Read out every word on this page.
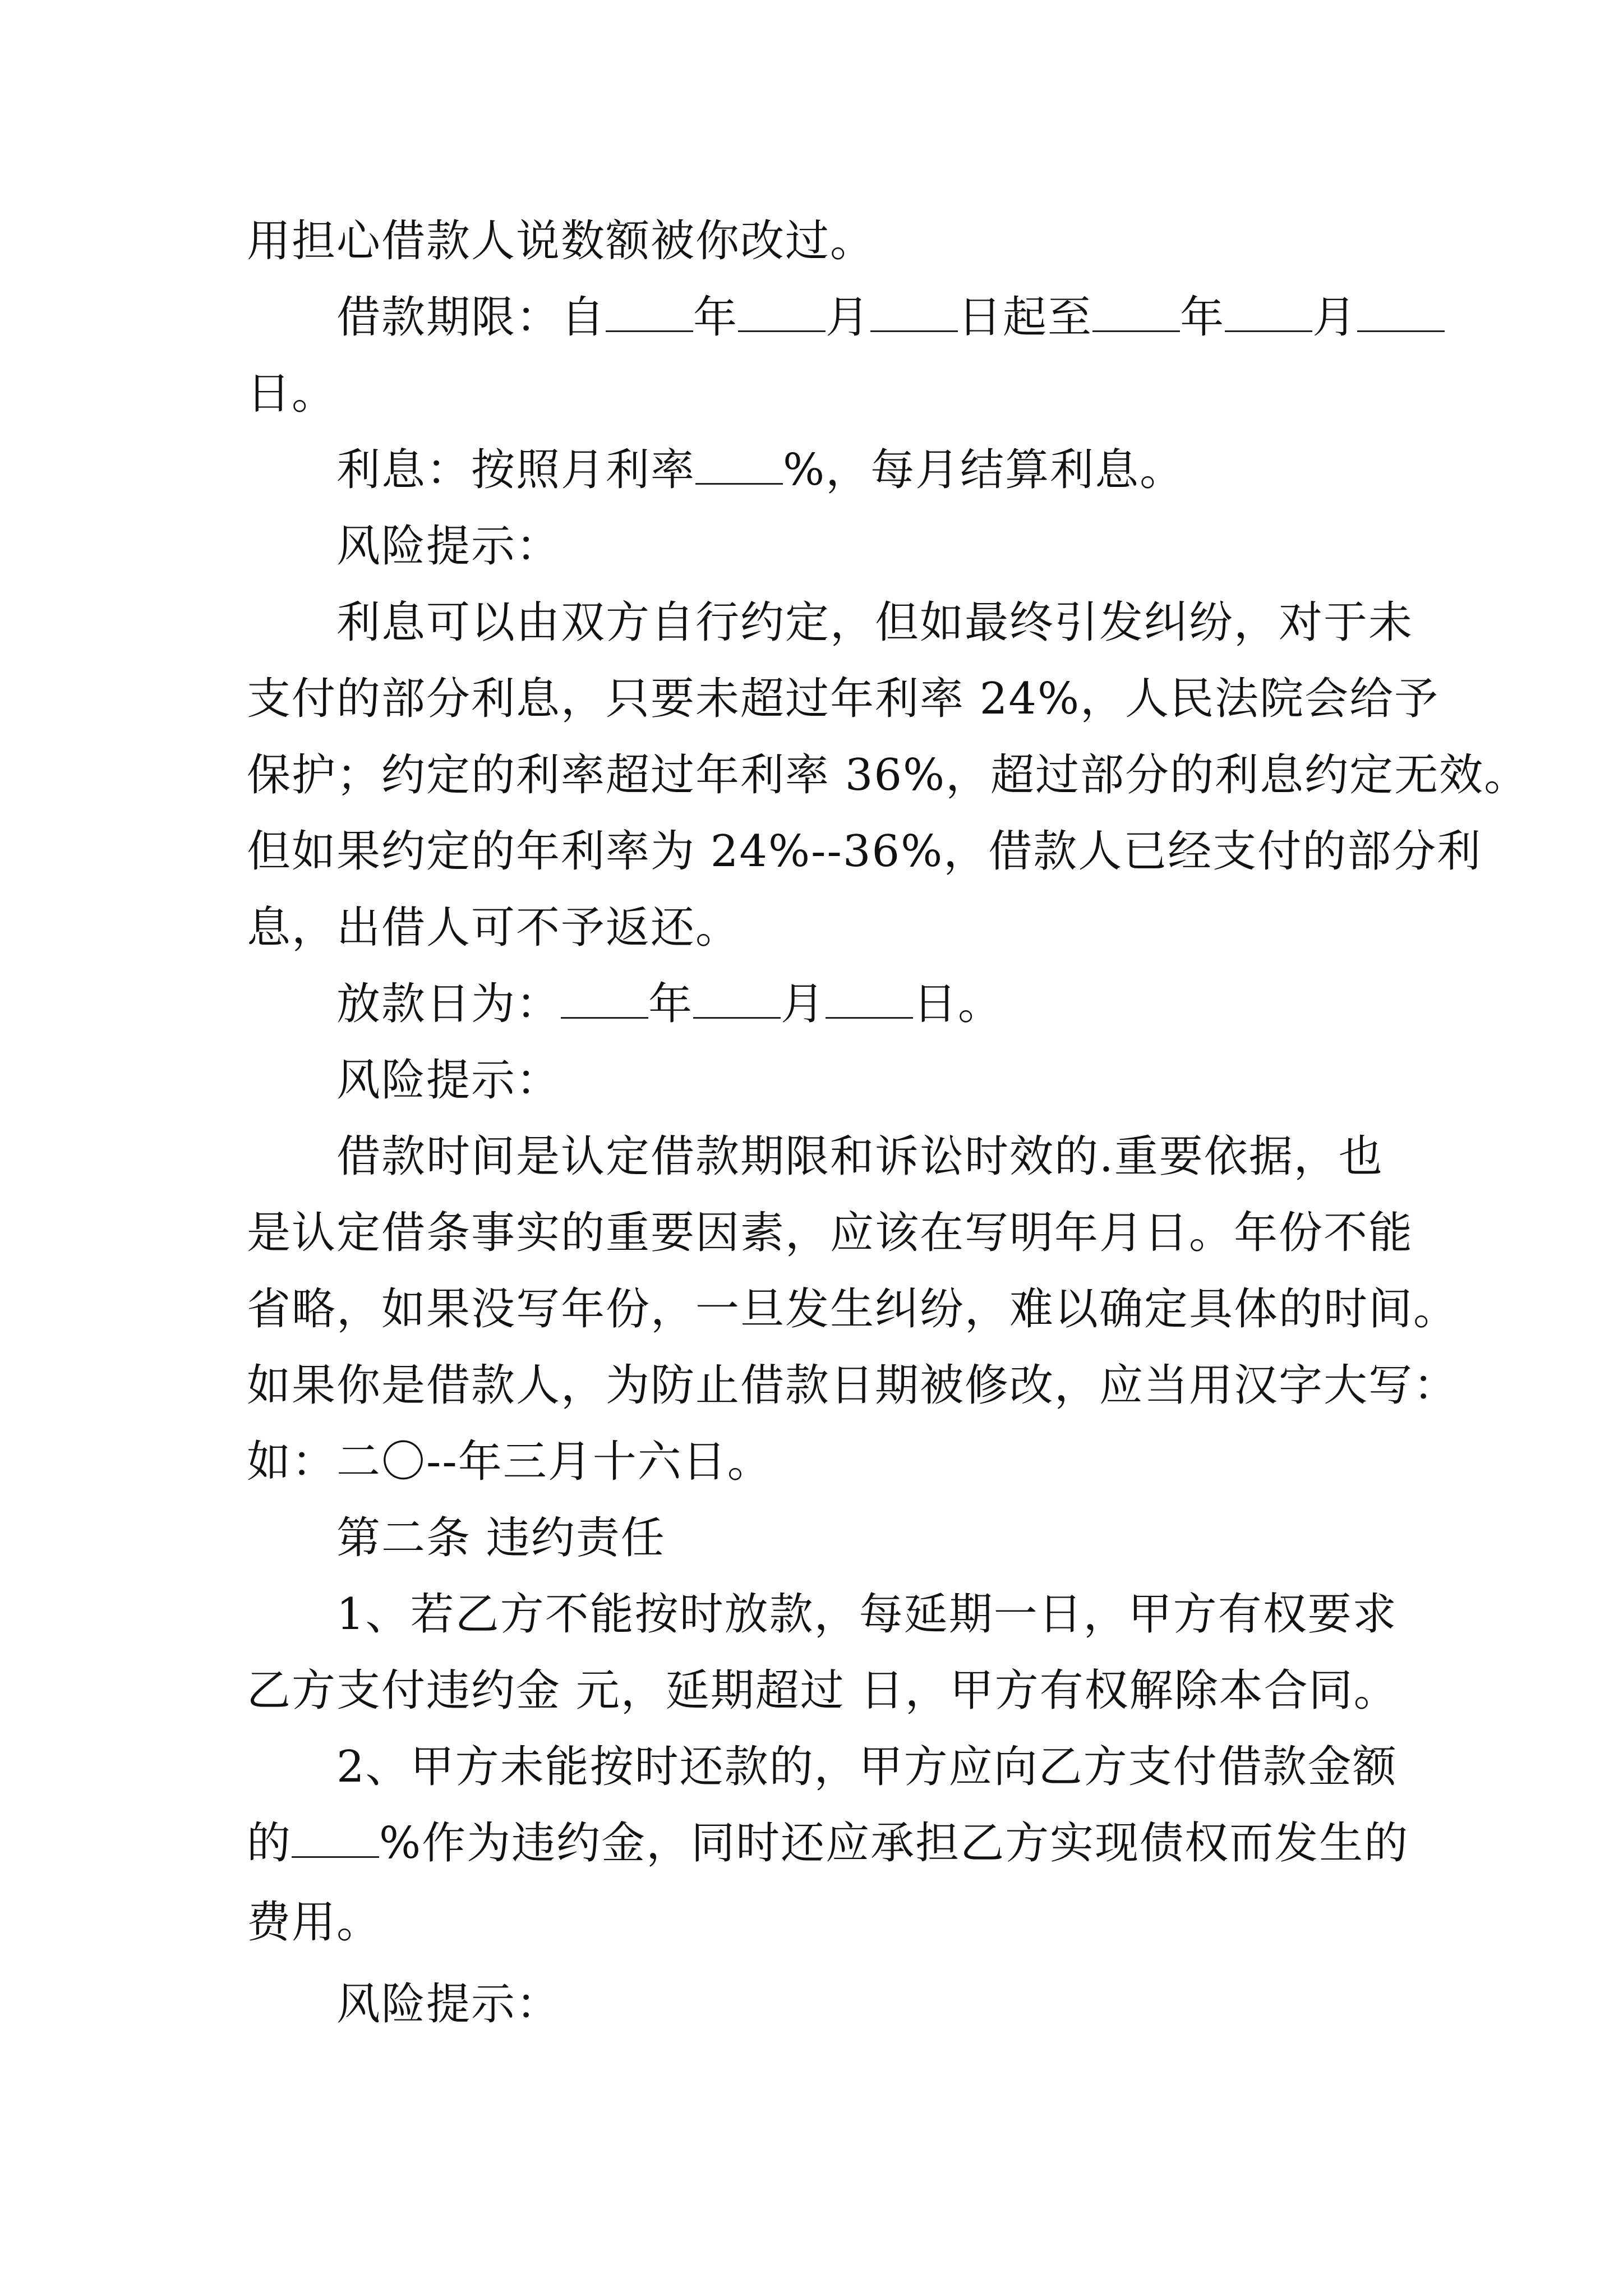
用担心借款人说数额被你改过。
借款期限：自 年 月 日起至 年 月
日。
利息：按照月利率 %，每月结算利息。
风险提示：
利息可以由双方自行约定，但如最终引发纠纷，对于未
支付的部分利息，只要未超过年利率 24%，人民法院会给予
保护；约定的利率超过年利率 36%，超过部分的利息约定无效。
但如果约定的年利率为 24%--36%，借款人已经支付的部分利
息，出借人可不予返还。
放款日为： 年 月 日。
风险提示：
借款时间是认定借款期限和诉讼时效的.重要依据，也
是认定借条事实的重要因素，应该在写明年月日。年份不能
省略，如果没写年份，一旦发生纠纷，难以确定具体的时间。
如果你是借款人，为防止借款日期被修改，应当用汉字大写：
如：二〇--年三月十六日。
第二条 违约责任
1、若乙方不能按时放款，每延期一日，甲方有权要求
乙方支付违约金 元，延期超过 日，甲方有权解除本合同。
2、甲方未能按时还款的，甲方应向乙方支付借款金额
的 %作为违约金，同时还应承担乙方实现债权而发生的
费用。
风险提示：
